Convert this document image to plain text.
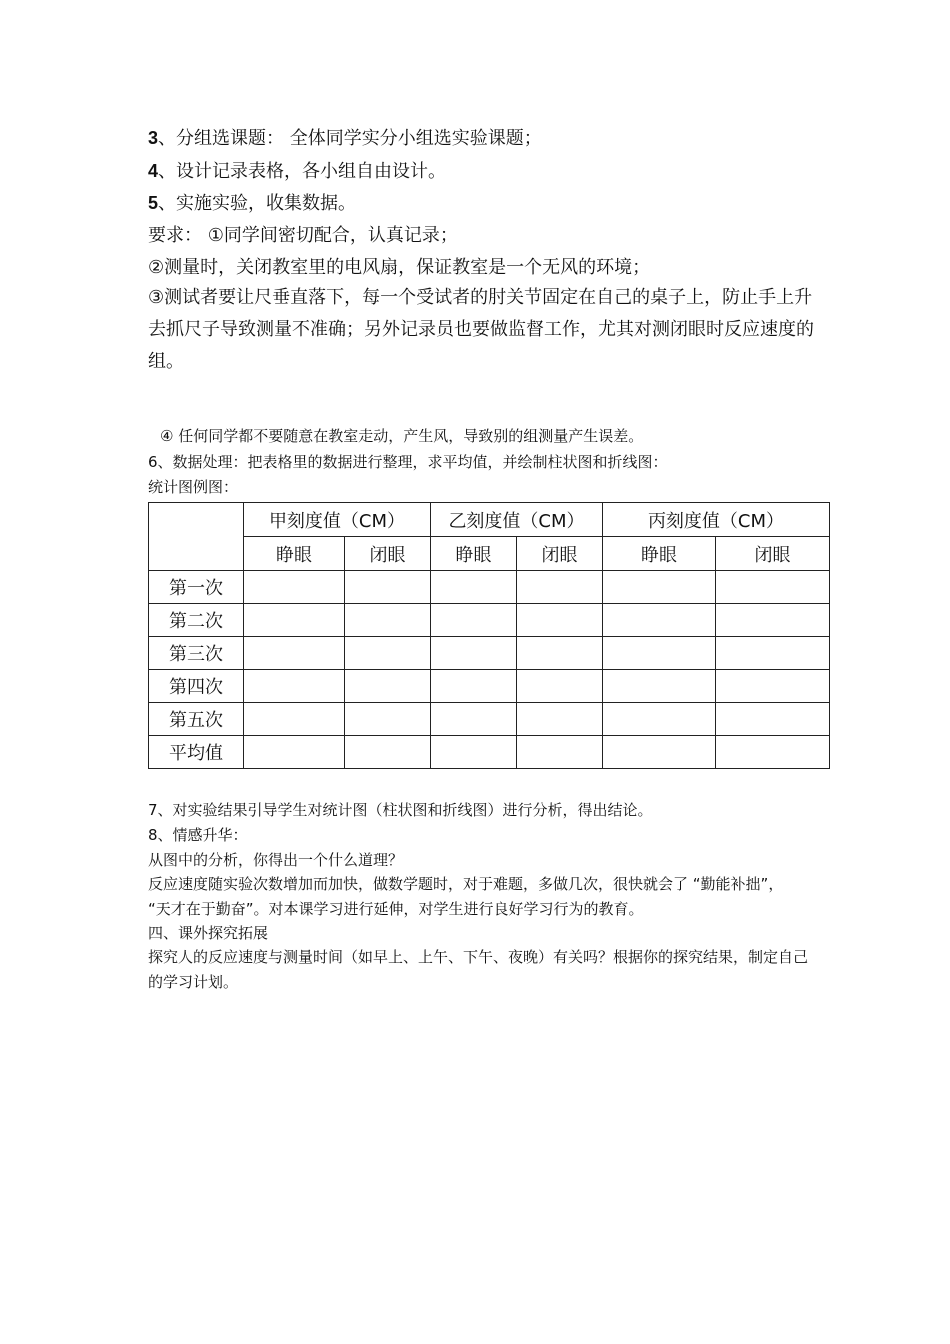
3、分组选课题： 全体同学实分小组选实验课题；
4、设计记录表格，各小组自由设计。
5、实施实验，收集数据。
要求： ①同学间密切配合，认真记录；
②测量时，关闭教室里的电风扇，保证教室是一个无风的环境；
③测试者要让尺垂直落下，每一个受试者的肘关节固定在自己的桌子上，防止手上升去抓尺子导致测量不准确；另外记录员也要做监督工作，尤其对测闭眼时反应速度的组。
④ 任何同学都不要随意在教室走动，产生风，导致别的组测量产生误差。
6、数据处理：把表格里的数据进行整理，求平均值，并绘制柱状图和折线图：
统计图例图：
	甲刻度值（CM）		乙刻度值（CM）		丙刻度值（CM）	
	睁眼	闭眼	睁眼	闭眼	睁眼	闭眼
第一次						
第二次						
第三次						
第四次						
第五次						
平均值						
7、对实验结果引导学生对统计图（柱状图和折线图）进行分析，得出结论。
8、情感升华：
从图中的分析，你得出一个什么道理？
反应速度随实验次数增加而加快，做数学题时，对于难题，多做几次，很快就会了 “勤能补拙”， “天才在于勤奋”。对本课学习进行延伸，对学生进行良好学习行为的教育。
四、课外探究拓展
探究人的反应速度与测量时间（如早上、上午、下午、夜晚）有关吗？根据你的探究结果，制定自己的学习计划。
